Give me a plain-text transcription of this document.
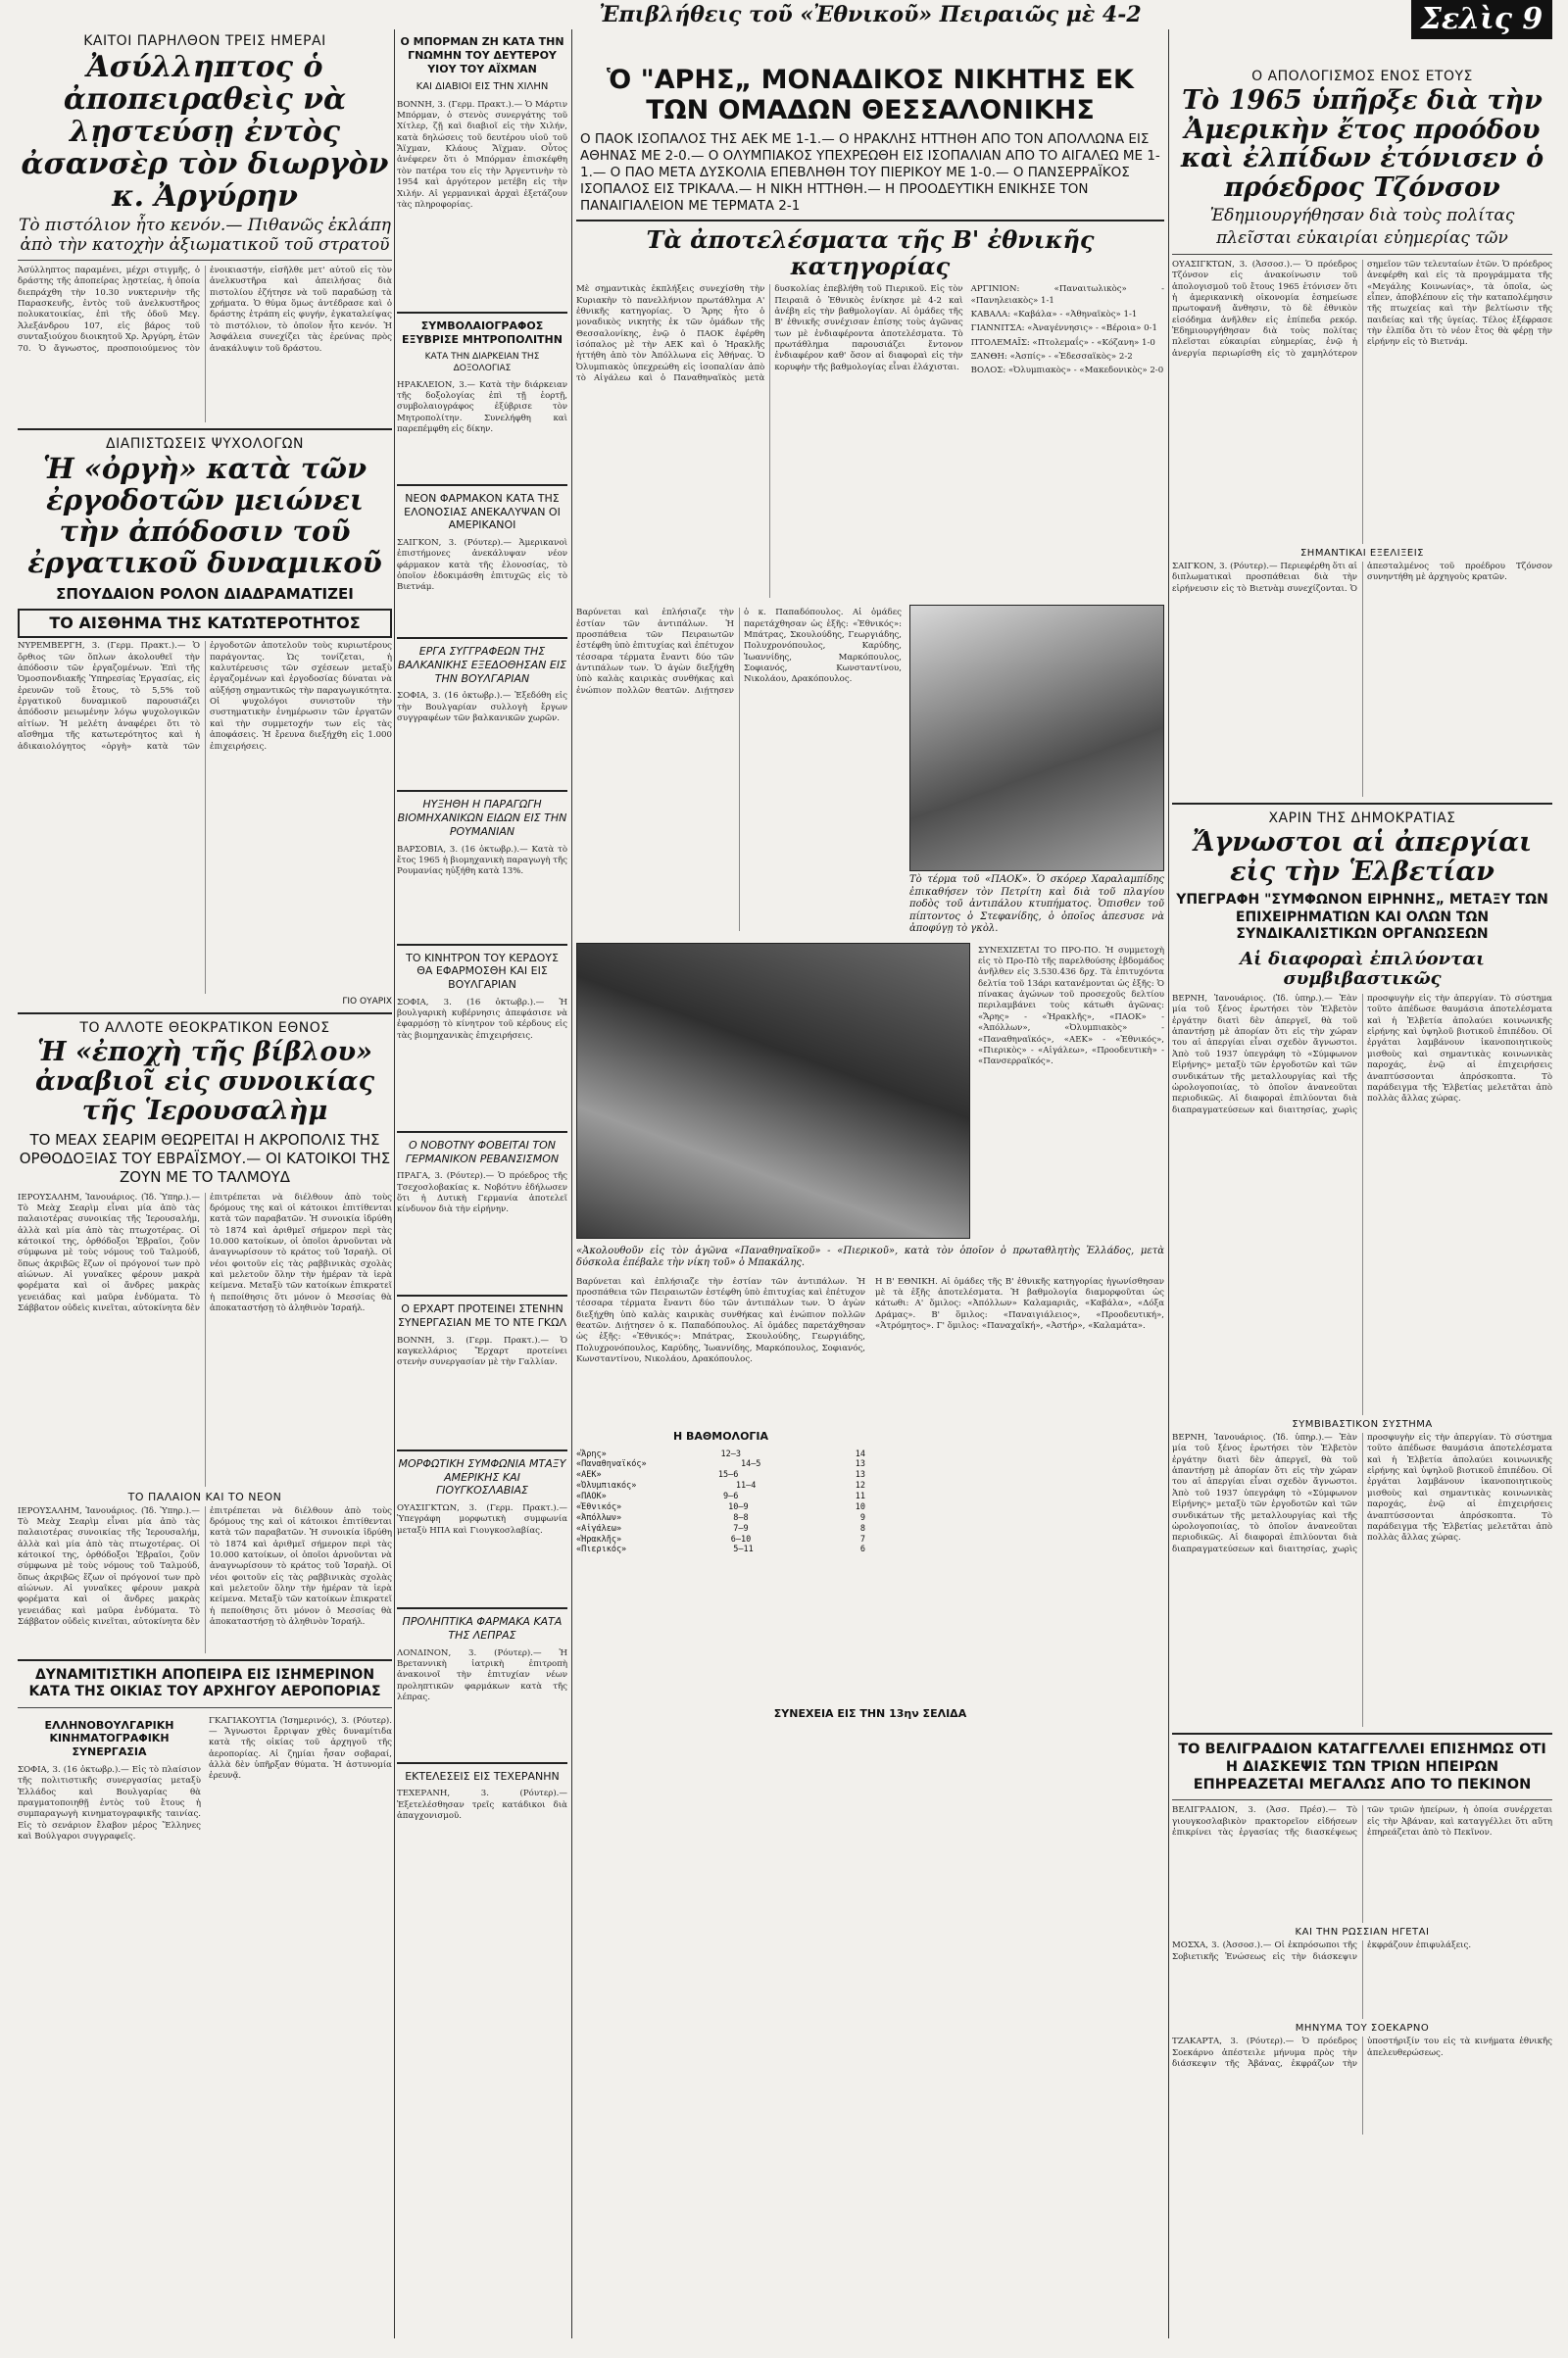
Ἐπιβλήθεις τοῦ «Ἐθνικοῦ» Πειραιῶς μὲ 4-2	Σελὶς 9
ΚΑΙΤΟΙ ΠΑΡΗΛΘΟΝ ΤΡΕΙΣ ΗΜΕΡΑΙ
Ἀσύλληπτος ὁ ἀποπειραθεὶς νὰ λῃστεύσῃ ἐντὸς ἀσανσὲρ τὸν διωργὸν κ. Ἀργύρην
Τὸ πιστόλιον ἦτο κενόν.— Πιθανῶς ἐκλάπη ἀπὸ τὴν κατοχὴν ἀξιωματικοῦ τοῦ στρατοῦ
Ἀσύλληπτος παραμένει, μέχρι στιγμῆς, ὁ δράστης τῆς ἀποπείρας λῃστείας, ἡ ὁποία διεπράχθη τὴν 10.30 νυκτερινὴν τῆς Παρασκευῆς, ἐντὸς τοῦ ἀνελκυστῆρος πολυκατοικίας, ἐπὶ τῆς ὁδοῦ Μεγ. Ἀλεξάνδρου 107, εἰς βάρος τοῦ συνταξιούχου διοικητοῦ Χρ. Ἀργύρη, ἐτῶν 70. Ὁ ἄγνωστος, προσποιούμενος τὸν ἐνοικιαστήν, εἰσῆλθε μετ' αὐτοῦ εἰς τὸν ἀνελκυστῆρα καὶ ἀπειλήσας διὰ πιστολίου ἐζήτησε νὰ τοῦ παραδώσῃ τὰ χρήματα. Ὁ θύμα ὅμως ἀντέδρασε καὶ ὁ δράστης ἐτράπη εἰς φυγήν, ἐγκαταλείψας τὸ πιστόλιον, τὸ ὁποῖον ἦτο κενόν. Ἡ Ἀσφάλεια συνεχίζει τὰς ἐρεύνας πρὸς ἀνακάλυψιν τοῦ δράστου.
ΔΙΑΠΙΣΤΩΣΕΙΣ ΨΥΧΟΛΟΓΩΝ
Ἡ «ὀργὴ» κατὰ τῶν ἐργοδοτῶν μειώνει τὴν ἀπόδοσιν τοῦ ἐργατικοῦ δυναμικοῦ
ΣΠΟΥΔΑΙΟΝ ΡΟΛΟΝ ΔΙΑΔΡΑΜΑΤΙΖΕΙ
ΤΟ ΑΙΣΘΗΜΑ ΤΗΣ ΚΑΤΩΤΕΡΟΤΗΤΟΣ
ΝΥΡΕΜΒΕΡΓΗ, 3. (Γερμ. Πρακτ.).— Ὁ ὄρθιος τῶν ὅπλων ἀκολουθεῖ τὴν ἀπόδοσιν τῶν ἐργαζομένων. Ἐπὶ τῆς Ὁμοσπονδιακῆς Ὑπηρεσίας Ἐργασίας, εἰς ἐρευνῶν τοῦ ἔτους, τὸ 5,5% τοῦ ἐργατικοῦ δυναμικοῦ παρουσιάζει ἀπόδοσιν μειωμένην λόγω ψυχολογικῶν αἰτίων. Ἡ μελέτη ἀναφέρει ὅτι τὸ αἴσθημα τῆς κατωτερότητος καὶ ἡ ἀδικαιολόγητος «ὀργὴ» κατὰ τῶν ἐργοδοτῶν ἀποτελοῦν τοὺς κυριωτέρους παράγοντας. Ὡς τονίζεται, ἡ καλυτέρευσις τῶν σχέσεων μεταξὺ ἐργαζομένων καὶ ἐργοδοσίας δύναται νὰ αὐξήσῃ σημαντικῶς τὴν παραγωγικότητα. Οἱ ψυχολόγοι συνιστοῦν τὴν συστηματικὴν ἐνημέρωσιν τῶν ἐργατῶν καὶ τὴν συμμετοχήν των εἰς τὰς ἀποφάσεις. Ἡ ἔρευνα διεξήχθη εἰς 1.000 ἐπιχειρήσεις.
ΓΙΟ ΟΥΑΡΙΧ
ΤΟ ΑΛΛΟΤΕ ΘΕΟΚΡΑΤΙΚΟΝ ΕΘΝΟΣ
Ἡ «ἐποχὴ τῆς βίβλου» ἀναβιοῖ εἰς συνοικίας τῆς Ἱερουσαλὴμ
ΤΟ ΜΕΑΧ ΣΕΑΡΙΜ ΘΕΩΡΕΙΤΑΙ Η ΑΚΡΟΠΟΛΙΣ ΤΗΣ ΟΡΘΟΔΟΞΙΑΣ ΤΟΥ ΕΒΡΑΪΣΜΟΥ.— ΟΙ ΚΑΤΟΙΚΟΙ ΤΗΣ ΖΟΥΝ ΜΕ ΤΟ ΤΑΛΜΟΥΔ
ΙΕΡΟΥΣΑΛΗΜ, Ἰανουάριος. (Ἰδ. Ὑπηρ.).— Τὸ Μεὰχ Σεαρὶμ εἶναι μία ἀπὸ τὰς παλαιοτέρας συνοικίας τῆς Ἱερουσαλήμ, ἀλλὰ καὶ μία ἀπὸ τὰς πτωχοτέρας. Οἱ κάτοικοί της, ὀρθόδοξοι Ἑβραῖοι, ζοῦν σύμφωνα μὲ τοὺς νόμους τοῦ Ταλμούδ, ὅπως ἀκριβῶς ἔζων οἱ πρόγονοί των πρὸ αἰώνων. Αἱ γυναῖκες φέρουν μακρὰ φορέματα καὶ οἱ ἄνδρες μακρὰς γενειάδας καὶ μαῦρα ἐνδύματα. Τὸ Σάββατον οὐδεὶς κινεῖται, αὐτοκίνητα δὲν ἐπιτρέπεται νὰ διέλθουν ἀπὸ τοὺς δρόμους της καὶ οἱ κάτοικοι ἐπιτίθενται κατὰ τῶν παραβατῶν. Ἡ συνοικία ἱδρύθη τὸ 1874 καὶ ἀριθμεῖ σήμερον περὶ τὰς 10.000 κατοίκων, οἱ ὁποῖοι ἀρνοῦνται νὰ ἀναγνωρίσουν τὸ κράτος τοῦ Ἰσραὴλ. Οἱ νέοι φοιτοῦν εἰς τὰς ραββινικὰς σχολὰς καὶ μελετοῦν ὅλην τὴν ἡμέραν τὰ ἱερὰ κείμενα. Μεταξὺ τῶν κατοίκων ἐπικρατεῖ ἡ πεποίθησις ὅτι μόνον ὁ Μεσσίας θὰ ἀποκαταστήσῃ τὸ ἀληθινὸν Ἰσραήλ.
ΤΟ ΠΑΛΑΙΟΝ ΚΑΙ ΤΟ ΝΕΟΝ
ΙΕΡΟΥΣΑΛΗΜ, Ἰανουάριος. (Ἰδ. Ὑπηρ.).— Τὸ Μεὰχ Σεαρὶμ εἶναι μία ἀπὸ τὰς παλαιοτέρας συνοικίας τῆς Ἱερουσαλήμ, ἀλλὰ καὶ μία ἀπὸ τὰς πτωχοτέρας. Οἱ κάτοικοί της, ὀρθόδοξοι Ἑβραῖοι, ζοῦν σύμφωνα μὲ τοὺς νόμους τοῦ Ταλμούδ, ὅπως ἀκριβῶς ἔζων οἱ πρόγονοί των πρὸ αἰώνων. Αἱ γυναῖκες φέρουν μακρὰ φορέματα καὶ οἱ ἄνδρες μακρὰς γενειάδας καὶ μαῦρα ἐνδύματα. Τὸ Σάββατον οὐδεὶς κινεῖται, αὐτοκίνητα δὲν ἐπιτρέπεται νὰ διέλθουν ἀπὸ τοὺς δρόμους της καὶ οἱ κάτοικοι ἐπιτίθενται κατὰ τῶν παραβατῶν. Ἡ συνοικία ἱδρύθη τὸ 1874 καὶ ἀριθμεῖ σήμερον περὶ τὰς 10.000 κατοίκων, οἱ ὁποῖοι ἀρνοῦνται νὰ ἀναγνωρίσουν τὸ κράτος τοῦ Ἰσραὴλ. Οἱ νέοι φοιτοῦν εἰς τὰς ραββινικὰς σχολὰς καὶ μελετοῦν ὅλην τὴν ἡμέραν τὰ ἱερὰ κείμενα. Μεταξὺ τῶν κατοίκων ἐπικρατεῖ ἡ πεποίθησις ὅτι μόνον ὁ Μεσσίας θὰ ἀποκαταστήσῃ τὸ ἀληθινὸν Ἰσραήλ.
ΔΥΝΑΜΙΤΙΣΤΙΚΗ ΑΠΟΠΕΙΡΑ ΕΙΣ ΙΣΗΜΕΡΙΝΟΝ ΚΑΤΑ ΤΗΣ ΟΙΚΙΑΣ ΤΟΥ ΑΡΧΗΓΟΥ ΑΕΡΟΠΟΡΙΑΣ
ΕΛΛΗΝΟΒΟΥΛΓΑΡΙΚΗ ΚΙΝΗΜΑΤΟΓΡΑΦΙΚΗ ΣΥΝΕΡΓΑΣΙΑ
ΣΟΦΙΑ, 3. (16 ὀκτωβρ.).— Εἰς τὸ πλαίσιον τῆς πολιτιστικῆς συνεργασίας μεταξὺ Ἑλλάδος καὶ Βουλγαρίας θὰ πραγματοποιηθῇ ἐντὸς τοῦ ἔτους ἡ συμπαραγωγὴ κινηματογραφικῆς ταινίας. Εἰς τὸ σενάριον ἔλαβον μέρος Ἕλληνες καὶ Βούλγαροι συγγραφεῖς.
ΓΚΑΓΙΑΚΟΥΓΙΑ (Ἰσημερινός), 3. (Ρόυτερ).— Ἄγνωστοι ἔρριψαν χθὲς δυναμίτιδα κατὰ τῆς οἰκίας τοῦ ἀρχηγοῦ τῆς ἀεροπορίας. Αἱ ζημίαι ἦσαν σοβαραί, ἀλλὰ δὲν ὑπῆρξαν θύματα. Ἡ ἀστυνομία ἐρευνᾷ.
Ο ΜΠΟΡΜΑΝ ΖΗ ΚΑΤΑ ΤΗΝ ΓΝΩΜΗΝ ΤΟΥ ΔΕΥΤΕΡΟΥ ΥΙΟΥ ΤΟΥ ΑΪΧΜΑΝ
ΚΑΙ ΔΙΑΒΙΟΙ ΕΙΣ ΤΗΝ ΧΙΛΗΝ
ΒΟΝΝΗ, 3. (Γερμ. Πρακτ.).— Ὁ Μάρτιν Μπόρμαν, ὁ στενὸς συνεργάτης τοῦ Χίτλερ, ζῇ καὶ διαβιοῖ εἰς τὴν Χιλήν, κατὰ δηλώσεις τοῦ δευτέρου υἱοῦ τοῦ Ἄϊχμαν, Κλάους Ἄϊχμαν. Οὗτος ἀνέφερεν ὅτι ὁ Μπόρμαν ἐπισκέφθη τὸν πατέρα του εἰς τὴν Ἀργεντινὴν τὸ 1954 καὶ ἀργότερον μετέβη εἰς τὴν Χιλήν. Αἱ γερμανικαὶ ἀρχαὶ ἐξετάζουν τὰς πληροφορίας.
ΣΥΜΒΟΛΑΙΟΓΡΑΦΟΣ ΕΞΥΒΡΙΣΕ ΜΗΤΡΟΠΟΛΙΤΗΝ
ΚΑΤΑ ΤΗΝ ΔΙΑΡΚΕΙΑΝ ΤΗΣ ΔΟΞΟΛΟΓΙΑΣ
ΗΡΑΚΛΕΙΟΝ, 3.— Κατὰ τὴν διάρκειαν τῆς δοξολογίας ἐπὶ τῇ ἑορτῇ, συμβολαιογράφος ἐξύβρισε τὸν Μητροπολίτην. Συνελήφθη καὶ παρεπέμφθη εἰς δίκην.
ΝΕΟΝ ΦΑΡΜΑΚΟΝ ΚΑΤΑ ΤΗΣ ΕΛΟΝΟΣΙΑΣ ΑΝΕΚΑΛΥΨΑΝ ΟΙ ΑΜΕΡΙΚΑΝΟΙ
ΣΑΙΓΚΟΝ, 3. (Ρόυτερ).— Ἀμερικανοὶ ἐπιστήμονες ἀνεκάλυψαν νέον φάρμακον κατὰ τῆς ἐλονοσίας, τὸ ὁποῖον ἐδοκιμάσθη ἐπιτυχῶς εἰς τὸ Βιετνάμ.
ΕΡΓΑ ΣΥΓΓΡΑΦΕΩΝ ΤΗΣ ΒΑΛΚΑΝΙΚΗΣ ΕΞΕΔΟΘΗΣΑΝ ΕΙΣ ΤΗΝ ΒΟΥΛΓΑΡΙΑΝ
ΣΟΦΙΑ, 3. (16 ὀκτωβρ.).— Ἐξεδόθη εἰς τὴν Βουλγαρίαν συλλογὴ ἔργων συγγραφέων τῶν βαλκανικῶν χωρῶν.
ΗΥΞΗΘΗ Η ΠΑΡΑΓΩΓΗ ΒΙΟΜΗΧΑΝΙΚΩΝ ΕΙΔΩΝ ΕΙΣ ΤΗΝ ΡΟΥΜΑΝΙΑΝ
ΒΑΡΣΟΒΙΑ, 3. (16 ὀκτωβρ.).— Κατὰ τὸ ἔτος 1965 ἡ βιομηχανικὴ παραγωγὴ τῆς Ρουμανίας ηὐξήθη κατὰ 13%.
ΤΟ ΚΙΝΗΤΡΟΝ ΤΟΥ ΚΕΡΔΟΥΣ ΘΑ ΕΦΑΡΜΟΣΘΗ ΚΑΙ ΕΙΣ ΒΟΥΛΓΑΡΙΑΝ
ΣΟΦΙΑ, 3. (16 ὀκτωβρ.).— Ἡ βουλγαρικὴ κυβέρνησις ἀπεφάσισε νὰ ἐφαρμόσῃ τὸ κίνητρον τοῦ κέρδους εἰς τὰς βιομηχανικὰς ἐπιχειρήσεις.
Ο ΝΟΒΟΤΝΥ ΦΟΒΕΙΤΑΙ ΤΟΝ ΓΕΡΜΑΝΙΚΟΝ ΡΕΒΑΝΣΙΣΜΟΝ
ΠΡΑΓΑ, 3. (Ρόυτερ).— Ὁ πρόεδρος τῆς Τσεχοσλοβακίας κ. Νοβότνυ ἐδήλωσεν ὅτι ἡ Δυτικὴ Γερμανία ἀποτελεῖ κίνδυνον διὰ τὴν εἰρήνην.
Ο ΕΡΧΑΡΤ ΠΡΟΤΕΙΝΕΙ ΣΤΕΝΗΝ ΣΥΝΕΡΓΑΣΙΑΝ ΜΕ ΤΟ ΝΤΕ ΓΚΩΛ
ΒΟΝΝΗ, 3. (Γερμ. Πρακτ.).— Ὁ καγκελλάριος Ἔρχαρτ προτείνει στενὴν συνεργασίαν μὲ τὴν Γαλλίαν.
ΜΟΡΦΩΤΙΚΗ ΣΥΜΦΩΝΙΑ ΜΤΑΞΥ ΑΜΕΡΙΚΗΣ ΚΑΙ ΓΙΟΥΓΚΟΣΛΑΒΙΑΣ
ΟΥΑΣΙΓΚΤΩΝ, 3. (Γερμ. Πρακτ.).— Ὑπεγράφη μορφωτικὴ συμφωνία μεταξὺ ΗΠΑ καὶ Γιουγκοσλαβίας.
ΠΡΟΛΗΠΤΙΚΑ ΦΑΡΜΑΚΑ ΚΑΤΑ ΤΗΣ ΛΕΠΡΑΣ
ΛΟΝΔΙΝΟΝ, 3. (Ρόυτερ).— Ἡ Βρεταννικὴ ἰατρικὴ ἐπιτροπὴ ἀνακοινοῖ τὴν ἐπιτυχίαν νέων προληπτικῶν φαρμάκων κατὰ τῆς λέπρας.
ΕΚΤΕΛΕΣΕΙΣ ΕΙΣ ΤΕΧΕΡΑΝΗΝ
ΤΕΧΕΡΑΝΗ, 3. (Ρόυτερ).— Ἐξετελέσθησαν τρεῖς κατάδικοι διὰ ἀπαγχονισμοῦ.
Ὁ "ΑΡΗΣ„ ΜΟΝΑΔΙΚΟΣ ΝΙΚΗΤΗΣ ΕΚ ΤΩΝ ΟΜΑΔΩΝ ΘΕΣΣΑΛΟΝΙΚΗΣ
Ο ΠΑΟΚ ΙΣΟΠΑΛΟΣ ΤΗΣ ΑΕΚ ΜΕ 1-1.— Ο ΗΡΑΚΛΗΣ ΗΤΤΗΘΗ ΑΠΟ ΤΟΝ ΑΠΟΛΛΩΝΑ ΕΙΣ ΑΘΗΝΑΣ ΜΕ 2-0.— Ο ΟΛΥΜΠΙΑΚΟΣ ΥΠΕΧΡΕΩΘΗ ΕΙΣ ΙΣΟΠΑΛΙΑΝ ΑΠΟ ΤΟ ΑΙΓΑΛΕΩ ΜΕ 1-1.— Ο ΠΑΟ ΜΕΤΑ ΔΥΣΚΟΛΙΑ ΕΠΕΒΛΗΘΗ ΤΟΥ ΠΙΕΡΙΚΟΥ ΜΕ 1-0.— Ο ΠΑΝΣΕΡΡΑΪΚΟΣ ΙΣΟΠΑΛΟΣ ΕΙΣ ΤΡΙΚΑΛΑ.— Η ΝΙΚΗ ΗΤΤΗΘΗ.— Η ΠΡΟΟΔΕΥΤΙΚΗ ΕΝΙΚΗΣΕ ΤΟΝ ΠΑΝΑΙΓΙΑΛΕΙΟΝ ΜΕ ΤΕΡΜΑΤΑ 2-1
Τὰ ἀποτελέσματα τῆς Β' ἐθνικῆς κατηγορίας
Μὲ σημαντικὰς ἐκπλήξεις συνεχίσθη τὴν Κυριακὴν τὸ πανελλήνιον πρωτάθλημα Α' ἐθνικῆς κατηγορίας. Ὁ Ἄρης ἦτο ὁ μοναδικὸς νικητὴς ἐκ τῶν ὁμάδων τῆς Θεσσαλονίκης, ἐνῷ ὁ ΠΑΟΚ ἐφέρθη ἰσόπαλος μὲ τὴν ΑΕΚ καὶ ὁ Ἡρακλῆς ἡττήθη ἀπὸ τὸν Ἀπόλλωνα εἰς Ἀθήνας. Ὁ Ὀλυμπιακὸς ὑπεχρεώθη εἰς ἰσοπαλίαν ἀπὸ τὸ Αἰγάλεω καὶ ὁ Παναθηναϊκὸς μετὰ δυσκολίας ἐπεβλήθη τοῦ Πιερικοῦ. Εἰς τὸν Πειραιᾶ ὁ Ἐθνικὸς ἐνίκησε μὲ 4-2 καὶ ἀνέβη εἰς τὴν βαθμολογίαν. Αἱ ὁμάδες τῆς Β' ἐθνικῆς συνέχισαν ἐπίσης τοὺς ἀγῶνας των μὲ ἐνδιαφέροντα ἀποτελέσματα. Τὸ πρωτάθλημα παρουσιάζει ἔντονον ἐνδιαφέρον καθ' ὅσον αἱ διαφοραὶ εἰς τὴν κορυφὴν τῆς βαθμολογίας εἶναι ἐλάχισται.
ΑΡΓΙΝΙΟΝ: «Παναιτωλικὸς» - «Πανηλειακὸς» 1-1
ΚΑΒΑΛΑ: «Καβάλα» - «Ἀθηναϊκὸς» 1-1
ΓΙΑΝΝΙΤΣΑ: «Ἀναγέννησις» - «Βέροια» 0-1
ΠΤΟΛΕΜΑΪΣ: «Πτολεμαΐς» - «Κόζανη» 1-0
ΞΑΝΘΗ: «Ἀσπίς» - «Ἐδεσσαϊκὸς» 2-2
ΒΟΛΟΣ: «Ὀλυμπιακὸς» - «Μακεδονικὸς» 2-0
Βαρύνεται καὶ ἐπλήσιαζε τὴν ἐστίαν τῶν ἀντιπάλων. Ἡ προσπάθεια τῶν Πειραιωτῶν ἐστέφθη ὑπὸ ἐπιτυχίας καὶ ἐπέτυχον τέσσαρα τέρματα ἔναντι δύο τῶν ἀντιπάλων των. Ὁ ἀγὼν διεξήχθη ὑπὸ καλὰς καιρικὰς συνθήκας καὶ ἐνώπιον πολλῶν θεατῶν. Διῄτησεν ὁ κ. Παπαδόπουλος. Αἱ ὁμάδες παρετάχθησαν ὡς ἑξῆς: «Ἐθνικός»: Μπάτρας, Σκουλούδης, Γεωργιάδης, Πολυχρονόπουλος, Καρύδης, Ἰωαννίδης, Μαρκόπουλος, Σοφιανός, Κωνσταντίνου, Νικολάου, Δρακόπουλος.
Τὸ τέρμα τοῦ «ΠΑΟΚ». Ὁ σκόρερ Χαραλαμπίδης ἐπικαθήσεν τὸν Πετρίτη καὶ διὰ τοῦ πλαγίου ποδὸς τοῦ ἀντιπάλου κτυπήματος. Ὁπισθεν τοῦ πίπτοντος ὁ Στεφανίδης, ὁ ὁποῖος ἀπεσυσε νὰ ἀποφύγῃ τὸ γκὸλ.
ΣΥΝΕΧΙΖΕΤΑΙ ΤΟ ΠΡΟ-ΠΟ. Ἡ συμμετοχὴ εἰς τὸ Προ-Πὸ τῆς παρελθούσης ἑβδομάδος ἀνῆλθεν εἰς 3.530.436 δρχ. Τὰ ἐπιτυχόντα δελτία τοῦ 13άρι κατανέμονται ὡς ἑξῆς: Ὁ πίνακας ἀγώνων τοῦ προσεχοῦς δελτίου περιλαμβάνει τοὺς κάτωθι ἀγῶνας: «Ἄρης» - «Ἡρακλῆς», «ΠΑΟΚ» - «Ἀπόλλων», «Ὀλυμπιακὸς» - «Παναθηναϊκός», «ΑΕΚ» - «Ἐθνικός», «Πιερικὸς» - «Αἰγάλεω», «Προοδευτικὴ» - «Πανσερραϊκός».
«Ἀκολουθοῦν εἰς τὸν ἀγῶνα «Παναθηναϊκοῦ» - «Πιερικοῦ», κατὰ τὸν ὁποῖον ὁ πρωταθλητὴς Ἑλλάδος, μετὰ δύσκολα ἐπέβαλε τὴν νίκη τοῦ» ὁ Μπακάλης.
Βαρύνεται καὶ ἐπλήσιαζε τὴν ἐστίαν τῶν ἀντιπάλων. Ἡ προσπάθεια τῶν Πειραιωτῶν ἐστέφθη ὑπὸ ἐπιτυχίας καὶ ἐπέτυχον τέσσαρα τέρματα ἔναντι δύο τῶν ἀντιπάλων των. Ὁ ἀγὼν διεξήχθη ὑπὸ καλὰς καιρικὰς συνθήκας καὶ ἐνώπιον πολλῶν θεατῶν. Διῄτησεν ὁ κ. Παπαδόπουλος. Αἱ ὁμάδες παρετάχθησαν ὡς ἑξῆς: «Ἐθνικός»: Μπάτρας, Σκουλούδης, Γεωργιάδης, Πολυχρονόπουλος, Καρύδης, Ἰωαννίδης, Μαρκόπουλος, Σοφιανός, Κωνσταντίνου, Νικολάου, Δρακόπουλος.
Η ΒΑΘΜΟΛΟΓΙΑ
«Ἄρης»	12—3	14
«Παναθηναϊκός»	14—5	13
«ΑΕΚ»	15—6	13
«Ὀλυμπιακός»	11—4	12
«ΠΑΟΚ»	9—6	11
«Ἐθνικός»	10—9	10
«Ἀπόλλων»	8—8	9
«Αἰγάλεω»	7—9	8
«Ἡρακλῆς»	6—10	7
«Πιερικός»	5—11	6
Η Β' ΕΘΝΙΚΗ. Αἱ ὁμάδες τῆς Β' ἐθνικῆς κατηγορίας ἠγωνίσθησαν μὲ τὰ ἑξῆς ἀποτελέσματα. Ἡ βαθμολογία διαμορφοῦται ὡς κάτωθι: Α' ὅμιλος: «Ἀπόλλων» Καλαμαριᾶς, «Καβάλα», «Δόξα Δράμας». Β' ὅμιλος: «Παναιγιάλειος», «Προοδευτική», «Ἀτρόμητος». Γ' ὅμιλος: «Παναχαϊκή», «Ἀστήρ», «Καλαμάτα».
ΣΥΝΕΧΕΙΑ ΕΙΣ ΤΗΝ 13ην ΣΕΛΙΔΑ
Ο ΑΠΟΛΟΓΙΣΜΟΣ ΕΝΟΣ ΕΤΟΥΣ
Τὸ 1965 ὑπῆρξε διὰ τὴν Ἀμερικὴν ἔτος προόδου καὶ ἐλπίδων ἐτόνισεν ὁ πρόεδρος Τζόνσον
Ἐδημιουργήθησαν διὰ τοὺς πολίτας
πλεῖσται εὐκαιρίαι εὐημερίας τῶν
ΟΥΑΣΙΓΚΤΩΝ, 3. (Ἀσσοσ.).— Ὁ πρόεδρος Τζόνσον εἰς ἀνακοίνωσιν τοῦ ἀπολογισμοῦ τοῦ ἔτους 1965 ἐτόνισεν ὅτι ἡ ἀμερικανικὴ οἰκονομία ἐσημείωσε πρωτοφανῆ ἄνθησιν, τὸ δὲ ἐθνικὸν εἰσόδημα ἀνῆλθεν εἰς ἐπίπεδα ρεκόρ. Ἐδημιουργήθησαν διὰ τοὺς πολίτας πλεῖσται εὐκαιρίαι εὐημερίας, ἐνῷ ἡ ἀνεργία περιωρίσθη εἰς τὸ χαμηλότερον σημεῖον τῶν τελευταίων ἐτῶν. Ὁ πρόεδρος ἀνεφέρθη καὶ εἰς τὰ προγράμματα τῆς «Μεγάλης Κοινωνίας», τὰ ὁποῖα, ὡς εἶπεν, ἀποβλέπουν εἰς τὴν καταπολέμησιν τῆς πτωχείας καὶ τὴν βελτίωσιν τῆς παιδείας καὶ τῆς ὑγείας. Τέλος ἐξέφρασε τὴν ἐλπίδα ὅτι τὸ νέον ἔτος θὰ φέρῃ τὴν εἰρήνην εἰς τὸ Βιετνάμ.
ΣΗΜΑΝΤΙΚΑΙ ΕΞΕΛΙΞΕΙΣ
ΣΑΪΓΚΟΝ, 3. (Ρόυτερ).— Περιεφέρθη ὅτι αἱ διπλωματικαὶ προσπάθειαι διὰ τὴν εἰρήνευσιν εἰς τὸ Βιετνὰμ συνεχίζονται. Ὁ ἀπεσταλμένος τοῦ προέδρου Τζόνσον συνηντήθη μὲ ἀρχηγοὺς κρατῶν.
ΧΑΡΙΝ ΤΗΣ ΔΗΜΟΚΡΑΤΙΑΣ
Ἄγνωστοι αἱ ἀπεργίαι εἰς τὴν Ἑλβετίαν
ΥΠΕΓΡΑΦΗ "ΣΥΜΦΩΝΟΝ ΕΙΡΗΝΗΣ„ ΜΕΤΑΞΥ ΤΩΝ ΕΠΙΧΕΙΡΗΜΑΤΙΩΝ ΚΑΙ ΟΛΩΝ ΤΩΝ ΣΥΝΔΙΚΑΛΙΣΤΙΚΩΝ ΟΡΓΑΝΩΣΕΩΝ
Αἱ διαφοραὶ ἐπιλύονται συμβιβαστικῶς
ΒΕΡΝΗ, Ἰανουάριος. (Ἰδ. ὑπηρ.).— Ἐὰν μία τοῦ ξένος ἐρωτήσει τὸν Ἑλβετὸν ἐργάτην διατὶ δὲν ἀπεργεῖ, θὰ τοῦ ἀπαντήσῃ μὲ ἀπορίαν ὅτι εἰς τὴν χώραν του αἱ ἀπεργίαι εἶναι σχεδὸν ἄγνωστοι. Ἀπὸ τοῦ 1937 ὑπεγράφη τὸ «Σύμφωνον Εἰρήνης» μεταξὺ τῶν ἐργοδοτῶν καὶ τῶν συνδικάτων τῆς μεταλλουργίας καὶ τῆς ὡρολογοποιίας, τὸ ὁποῖον ἀνανεοῦται περιοδικῶς. Αἱ διαφοραὶ ἐπιλύονται διὰ διαπραγματεύσεων καὶ διαιτησίας, χωρὶς προσφυγὴν εἰς τὴν ἀπεργίαν. Τὸ σύστημα τοῦτο ἀπέδωσε θαυμάσια ἀποτελέσματα καὶ ἡ Ἑλβετία ἀπολαύει κοινωνικῆς εἰρήνης καὶ ὑψηλοῦ βιοτικοῦ ἐπιπέδου. Οἱ ἐργάται λαμβάνουν ἱκανοποιητικοὺς μισθοὺς καὶ σημαντικὰς κοινωνικὰς παροχάς, ἐνῷ αἱ ἐπιχειρήσεις ἀναπτύσσονται ἀπρόσκοπτα. Τὸ παράδειγμα τῆς Ἑλβετίας μελετᾶται ἀπὸ πολλὰς ἄλλας χώρας.
ΣΥΜΒΙΒΑΣΤΙΚΟΝ ΣΥΣΤΗΜΑ
ΒΕΡΝΗ, Ἰανουάριος. (Ἰδ. ὑπηρ.).— Ἐὰν μία τοῦ ξένος ἐρωτήσει τὸν Ἑλβετὸν ἐργάτην διατὶ δὲν ἀπεργεῖ, θὰ τοῦ ἀπαντήσῃ μὲ ἀπορίαν ὅτι εἰς τὴν χώραν του αἱ ἀπεργίαι εἶναι σχεδὸν ἄγνωστοι. Ἀπὸ τοῦ 1937 ὑπεγράφη τὸ «Σύμφωνον Εἰρήνης» μεταξὺ τῶν ἐργοδοτῶν καὶ τῶν συνδικάτων τῆς μεταλλουργίας καὶ τῆς ὡρολογοποιίας, τὸ ὁποῖον ἀνανεοῦται περιοδικῶς. Αἱ διαφοραὶ ἐπιλύονται διὰ διαπραγματεύσεων καὶ διαιτησίας, χωρὶς προσφυγὴν εἰς τὴν ἀπεργίαν. Τὸ σύστημα τοῦτο ἀπέδωσε θαυμάσια ἀποτελέσματα καὶ ἡ Ἑλβετία ἀπολαύει κοινωνικῆς εἰρήνης καὶ ὑψηλοῦ βιοτικοῦ ἐπιπέδου. Οἱ ἐργάται λαμβάνουν ἱκανοποιητικοὺς μισθοὺς καὶ σημαντικὰς κοινωνικὰς παροχάς, ἐνῷ αἱ ἐπιχειρήσεις ἀναπτύσσονται ἀπρόσκοπτα. Τὸ παράδειγμα τῆς Ἑλβετίας μελετᾶται ἀπὸ πολλὰς ἄλλας χώρας.
ΤΟ ΒΕΛΙΓΡΑΔΙΟΝ ΚΑΤΑΓΓΕΛΛΕΙ ΕΠΙΣΗΜΩΣ ΟΤΙ Η ΔΙΑΣΚΕΨΙΣ ΤΩΝ ΤΡΙΩΝ ΗΠΕΙΡΩΝ ΕΠΗΡΕΑΖΕΤΑΙ ΜΕΓΑΛΩΣ ΑΠΟ ΤΟ ΠΕΚΙΝΟΝ
ΒΕΛΙΓΡΑΔΙΟΝ, 3. (Ἀσσ. Πρέσ).— Τὸ γιουγκοσλαβικὸν πρακτορεῖον εἰδήσεων ἐπικρίνει τὰς ἐργασίας τῆς διασκέψεως τῶν τριῶν ἠπείρων, ἡ ὁποία συνέρχεται εἰς τὴν Ἀβάναν, καὶ καταγγέλλει ὅτι αὕτη ἐπηρεάζεται ἀπὸ τὸ Πεκῖνον.
ΚΑΙ ΤΗΝ ΡΩΣΣΙΑΝ ΗΓΕΤΑΙ
ΜΟΣΧΑ, 3. (Ἀσσοσ.).— Οἱ ἐκπρόσωποι τῆς Σοβιετικῆς Ἑνώσεως εἰς τὴν διάσκεψιν ἐκφράζουν ἐπιφυλάξεις.
ΜΗΝΥΜΑ ΤΟΥ ΣΟΕΚΑΡΝΟ
ΤΖΑΚΑΡΤΑ, 3. (Ρόυτερ).— Ὁ πρόεδρος Σοεκάρνο ἀπέστειλε μήνυμα πρὸς τὴν διάσκεψιν τῆς Ἀβάνας, ἐκφράζων τὴν ὑποστήριξίν του εἰς τὰ κινήματα ἐθνικῆς ἀπελευθερώσεως.
